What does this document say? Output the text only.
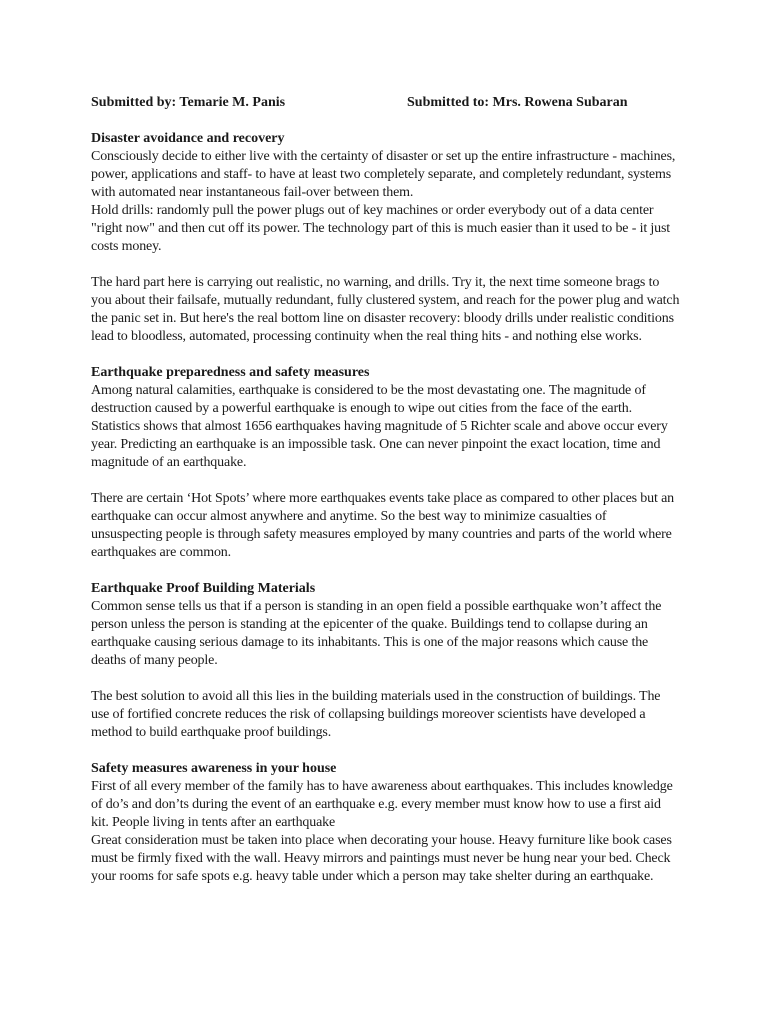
Submitted by: Temarie M. Panis	Submitted to: Mrs. Rowena Subaran

Disaster avoidance and recovery

Consciously decide to either live with the certainty of disaster or set up the entire infrastructure - machines, power, applications and staff- to have at least two completely separate, and completely redundant, systems with automated near instantaneous fail-over between them.

Hold drills: randomly pull the power plugs out of key machines or order everybody out of a data center "right now" and then cut off its power. The technology part of this is much easier than it used to be - it just costs money.

The hard part here is carrying out realistic, no warning, and drills. Try it, the next time someone brags to you about their failsafe, mutually redundant, fully clustered system, and reach for the power plug and watch the panic set in. But here's the real bottom line on disaster recovery: bloody drills under realistic conditions lead to bloodless, automated, processing continuity when the real thing hits - and nothing else works.

Earthquake preparedness and safety measures

Among natural calamities, earthquake is considered to be the most devastating one. The magnitude of destruction caused by a powerful earthquake is enough to wipe out cities from the face of the earth. Statistics shows that almost 1656 earthquakes having magnitude of 5 Richter scale and above occur every year. Predicting an earthquake is an impossible task. One can never pinpoint the exact location, time and magnitude of an earthquake.

There are certain ‘Hot Spots’ where more earthquakes events take place as compared to other places but an earthquake can occur almost anywhere and anytime. So the best way to minimize casualties of unsuspecting people is through safety measures employed by many countries and parts of the world where earthquakes are common.

Earthquake Proof Building Materials

Common sense tells us that if a person is standing in an open field a possible earthquake won’t affect the person unless the person is standing at the epicenter of the quake. Buildings tend to collapse during an earthquake causing serious damage to its inhabitants. This is one of the major reasons which cause the deaths of many people.

The best solution to avoid all this lies in the building materials used in the construction of buildings. The use of fortified concrete reduces the risk of collapsing buildings moreover scientists have developed a method to build earthquake proof buildings.

Safety measures awareness in your house

First of all every member of the family has to have awareness about earthquakes. This includes knowledge of do’s and don’ts during the event of an earthquake e.g. every member must know how to use a first aid kit. People living in tents after an earthquake

Great consideration must be taken into place when decorating your house. Heavy furniture like book cases must be firmly fixed with the wall. Heavy mirrors and paintings must never be hung near your bed. Check your rooms for safe spots e.g. heavy table under which a person may take shelter during an earthquake.
